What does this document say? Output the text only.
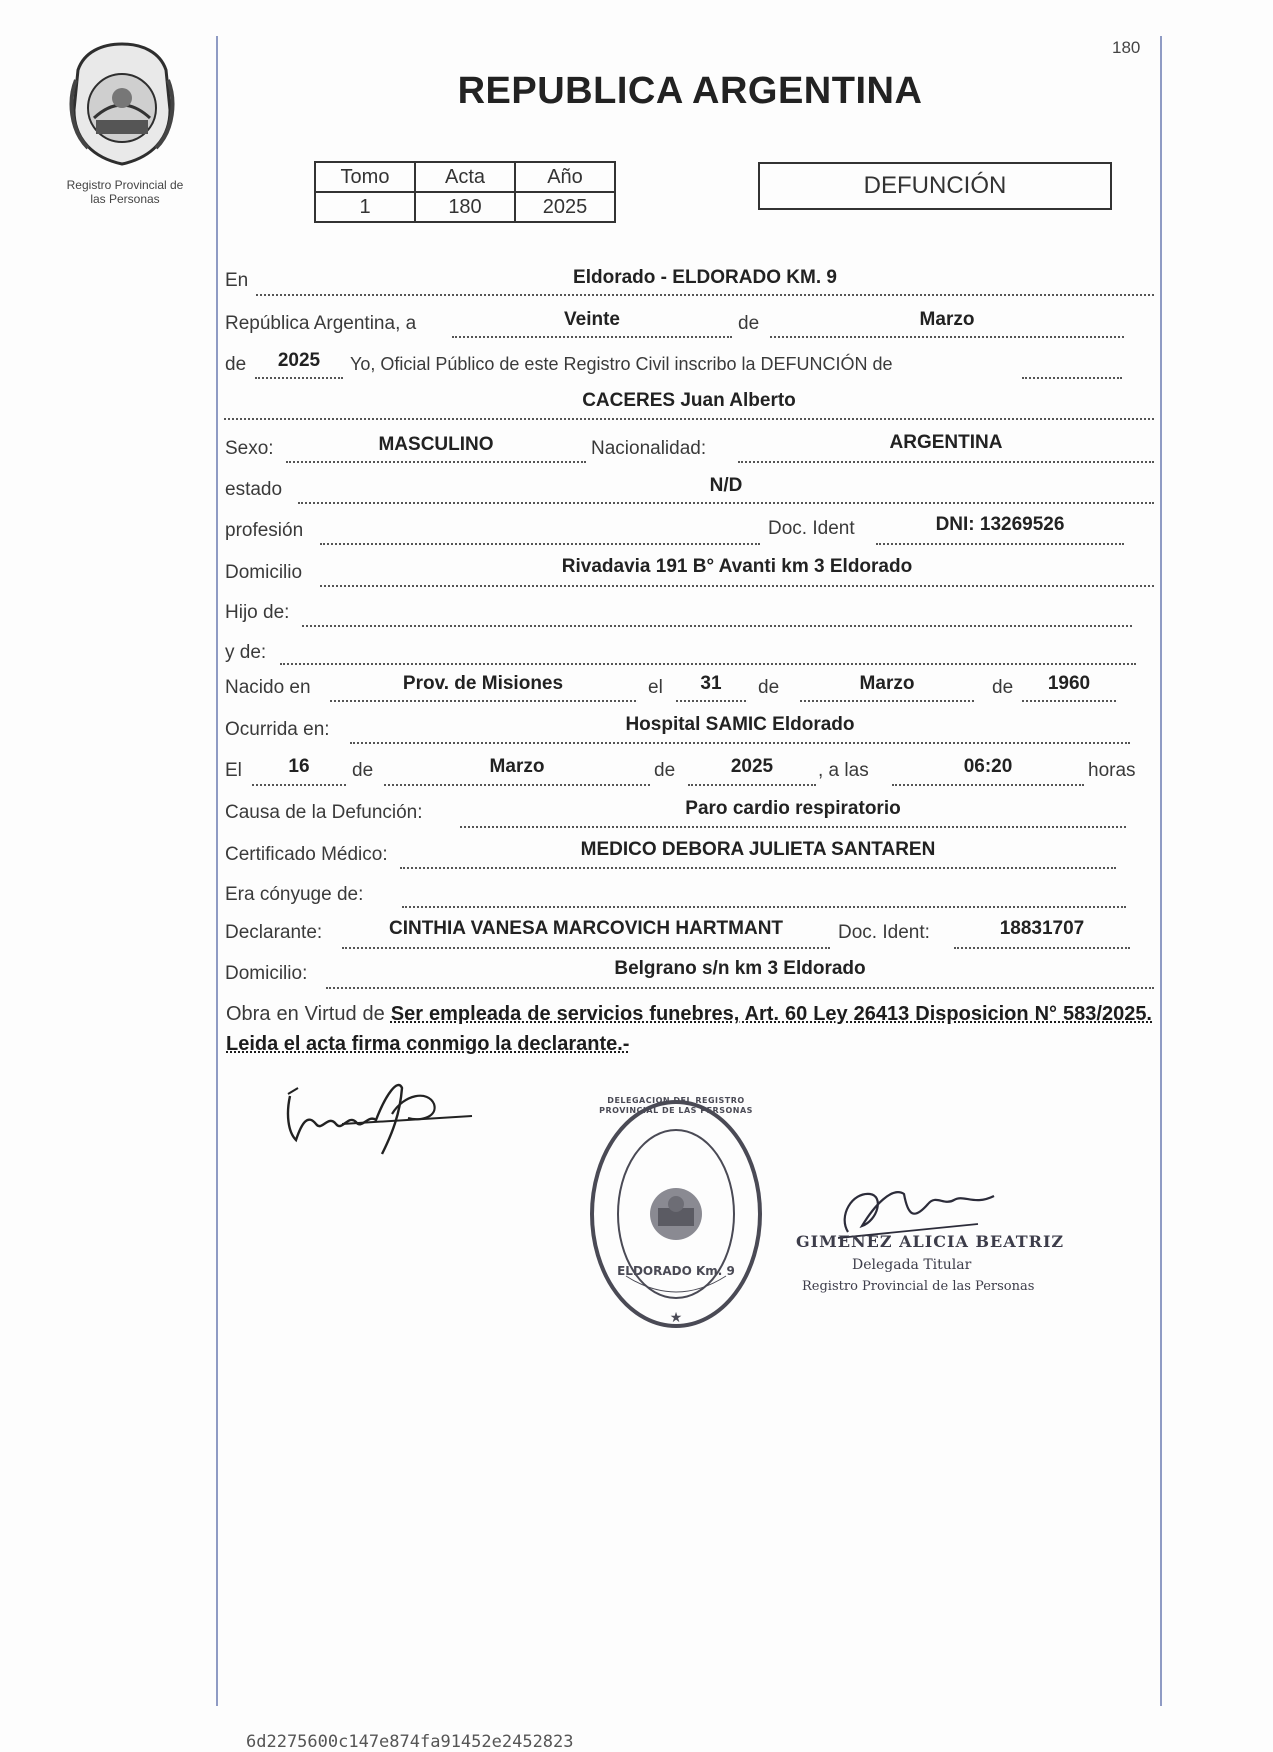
Registro Provincial de
las Personas
180
REPUBLICA ARGENTINA
Tomo	Acta	Año
1	180	2025
DEFUNCIÓN
En	Eldorado - ELDORADO KM. 9
República Argentina, a	Veinte	de	Marzo
de	2025	Yo, Oficial Público de este Registro Civil inscribo la DEFUNCIÓN de
CACERES Juan Alberto
Sexo:	MASCULINO	Nacionalidad:	ARGENTINA
estado	N/D
profesión	Doc. Ident	DNI: 13269526
Domicilio	Rivadavia 191 B° Avanti km 3 Eldorado
Hijo de:
y de:
Nacido en	Prov. de Misiones	el	31	de	Marzo	de	1960
Ocurrida en:	Hospital SAMIC Eldorado
El	16	de	Marzo	de	2025	, a las	06:20	horas
Causa de la Defunción:	Paro cardio respiratorio
Certificado Médico:	MEDICO DEBORA JULIETA SANTAREN
Era cónyuge de:
Declarante:	CINTHIA VANESA MARCOVICH HARTMANT	Doc. Ident:	18831707
Domicilio:	Belgrano s/n km 3 Eldorado
Obra en Virtud de Ser empleada de servicios funebres, Art. 60 Ley 26413 Disposicion N° 583/2025. Leida el acta firma conmigo la declarante.-
★
DELEGACION DEL REGISTRO PROVINCIAL DE LAS PERSONAS
ELDORADO Km. 9
GIMENEZ ALICIA BEATRIZ
Delegada Titular
Registro Provincial de las Personas
6d2275600c147e874fa91452e2452823
